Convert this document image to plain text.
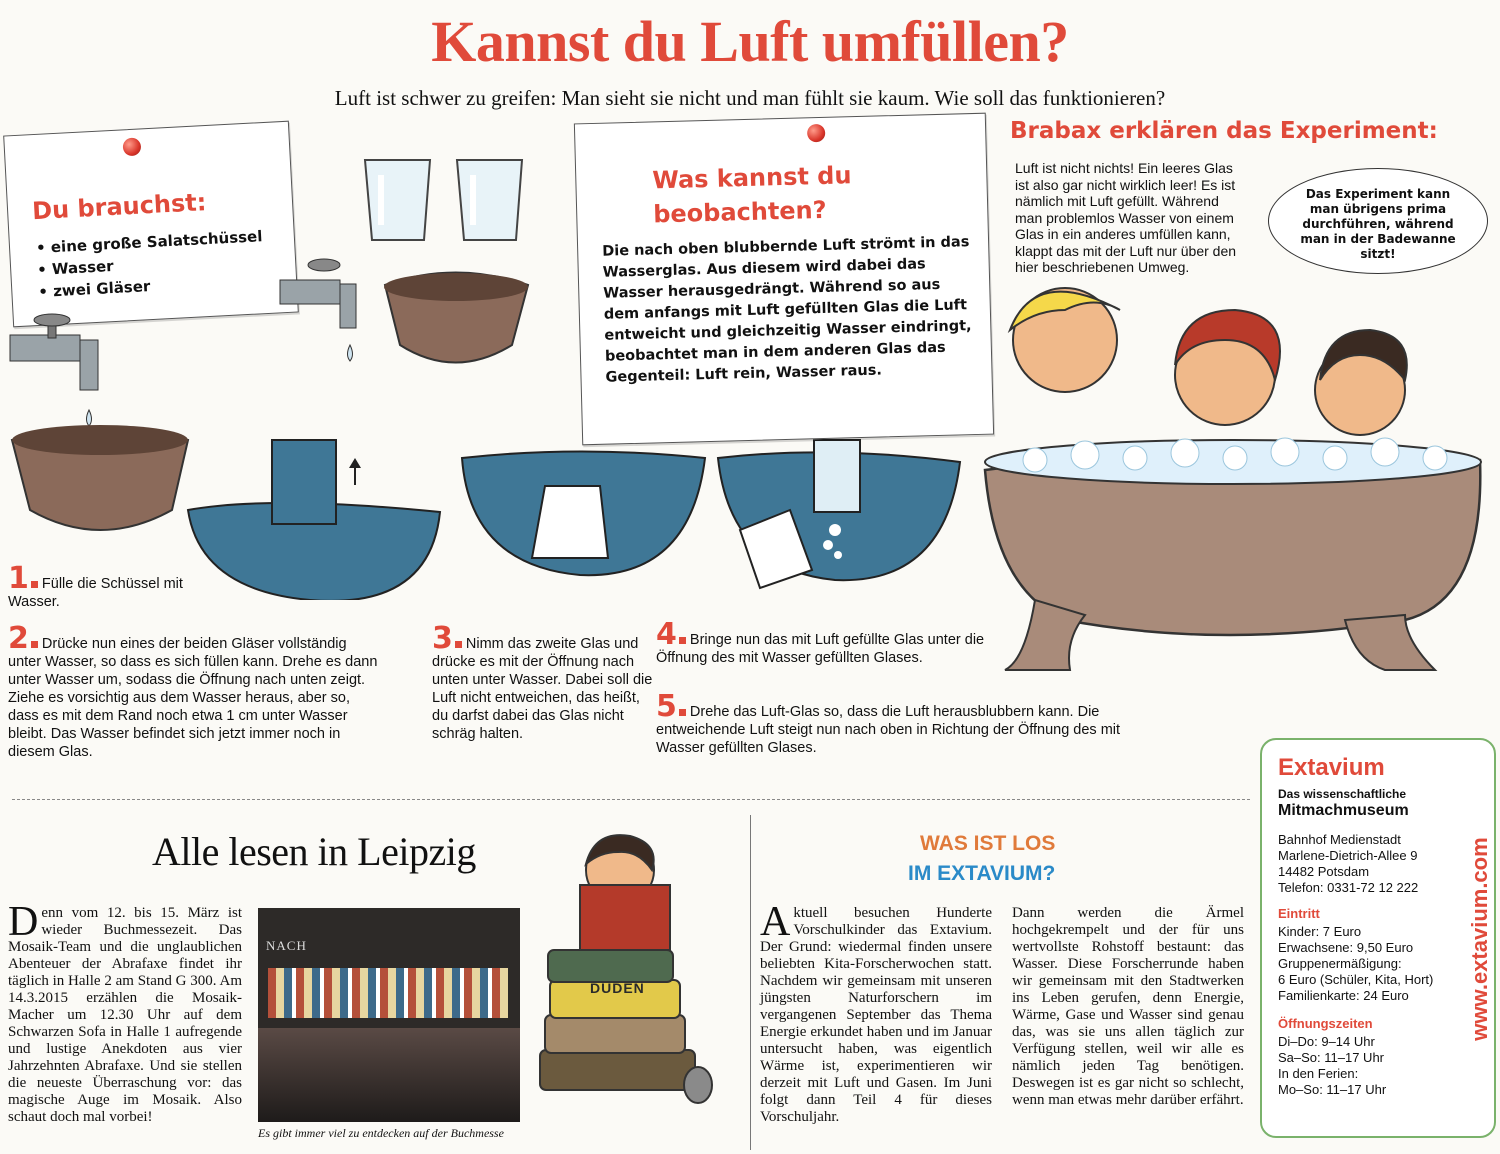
Kannst du Luft umfüllen?
Luft ist schwer zu greifen: Man sieht sie nicht und man fühlt sie kaum. Wie soll das funktionieren?
Du brauchst:
• eine große Salatschüssel
• Wasser
• zwei Gläser
Was kannst du
beobachten?
Die nach oben blubbernde Luft strömt in das Wasserglas. Aus diesem wird dabei das Wasser herausgedrängt. Während so aus dem anfangs mit Luft gefüllten Glas die Luft entweicht und gleichzeitig Wasser eindringt, beobachtet man in dem anderen Glas das Gegenteil: Luft rein, Wasser raus.
Brabax erklären das Experiment:
Luft ist nicht nichts! Ein leeres Glas ist also gar nicht wirklich leer! Es ist nämlich mit Luft gefüllt. Während man problemlos Wasser von einem Glas in ein anderes umfüllen kann, klappt das mit der Luft nur über den hier beschriebenen Umweg.
Das Experiment kann man übrigens prima durchführen, während man in der Badewanne sitzt!
1 Fülle die Schüssel mit Wasser.
2 Drücke nun eines der beiden Gläser vollständig unter Wasser, so dass es sich füllen kann. Drehe es dann unter Wasser um, sodass die Öffnung nach unten zeigt. Ziehe es vorsichtig aus dem Wasser heraus, aber so, dass es mit dem Rand noch etwa 1 cm unter Wasser bleibt. Das Wasser befindet sich jetzt immer noch in diesem Glas.
3 Nimm das zweite Glas und drücke es mit der Öffnung nach unten unter Wasser. Dabei soll die Luft nicht entweichen, das heißt, du darfst dabei das Glas nicht schräg halten.
4 Bringe nun das mit Luft gefüllte Glas unter die Öffnung des mit Wasser gefüllten Glases.
5 Drehe das Luft-Glas so, dass die Luft herausblubbern kann. Die entweichende Luft steigt nun nach oben in Richtung der Öffnung des mit Wasser gefüllten Glases.
Alle lesen in Leipzig
Denn vom 12. bis 15. März ist wieder Buchmessezeit. Das Mosaik-Team und die unglaublichen Abenteuer der Abrafaxe findet ihr täglich in Halle 2 am Stand G 300. Am 14.3.2015 erzählen die Mosaik-Macher um 12.30 Uhr auf dem Schwarzen Sofa in Halle 1 aufregende und lustige Anekdoten aus vier Jahrzehnten Abrafaxe. Und sie stellen die neueste Überraschung vor: das magische Auge im Mosaik. Also schaut doch mal vorbei!
NACH
DUDEN
Es gibt immer viel zu entdecken auf der Buchmesse
WAS IST LOS
IM EXTAVIUM?
Aktuell besuchen Hunderte Vorschulkinder das Extavium. Der Grund: wiedermal finden unsere beliebten Kita-Forscherwochen statt. Nachdem wir gemeinsam mit unseren jüngsten Naturforschern im vergangenen September das Thema Energie erkundet haben und im Januar untersucht haben, was eigentlich Wärme ist, experimentieren wir derzeit mit Luft und Gasen. Im Juni folgt dann Teil 4 für dieses Vorschuljahr.
Dann werden die Ärmel hochgekrempelt und der für uns wertvollste Rohstoff bestaunt: das Wasser. Diese Forscherrunde haben wir gemeinsam mit den Stadtwerken ins Leben gerufen, denn Energie, Wärme, Gase und Wasser sind genau das, was sie uns allen täglich zur Verfügung stellen, weil wir alle es nämlich jeden Tag benötigen. Deswegen ist es gar nicht so schlecht, wenn man etwas mehr darüber erfährt.
Extavium
Das wissenschaftliche
Mitmachmuseum
Bahnhof Medienstadt
Marlene-Dietrich-Allee 9
14482 Potsdam
Telefon: 0331-72 12 222
Eintritt
Kinder: 7 Euro
Erwachsene: 9,50 Euro
Gruppenermäßigung:
6 Euro (Schüler, Kita, Hort)
Familienkarte: 24 Euro
Öffnungszeiten
Di–Do: 9–14 Uhr
Sa–So: 11–17 Uhr
In den Ferien:
Mo–So: 11–17 Uhr
www.extavium.com
